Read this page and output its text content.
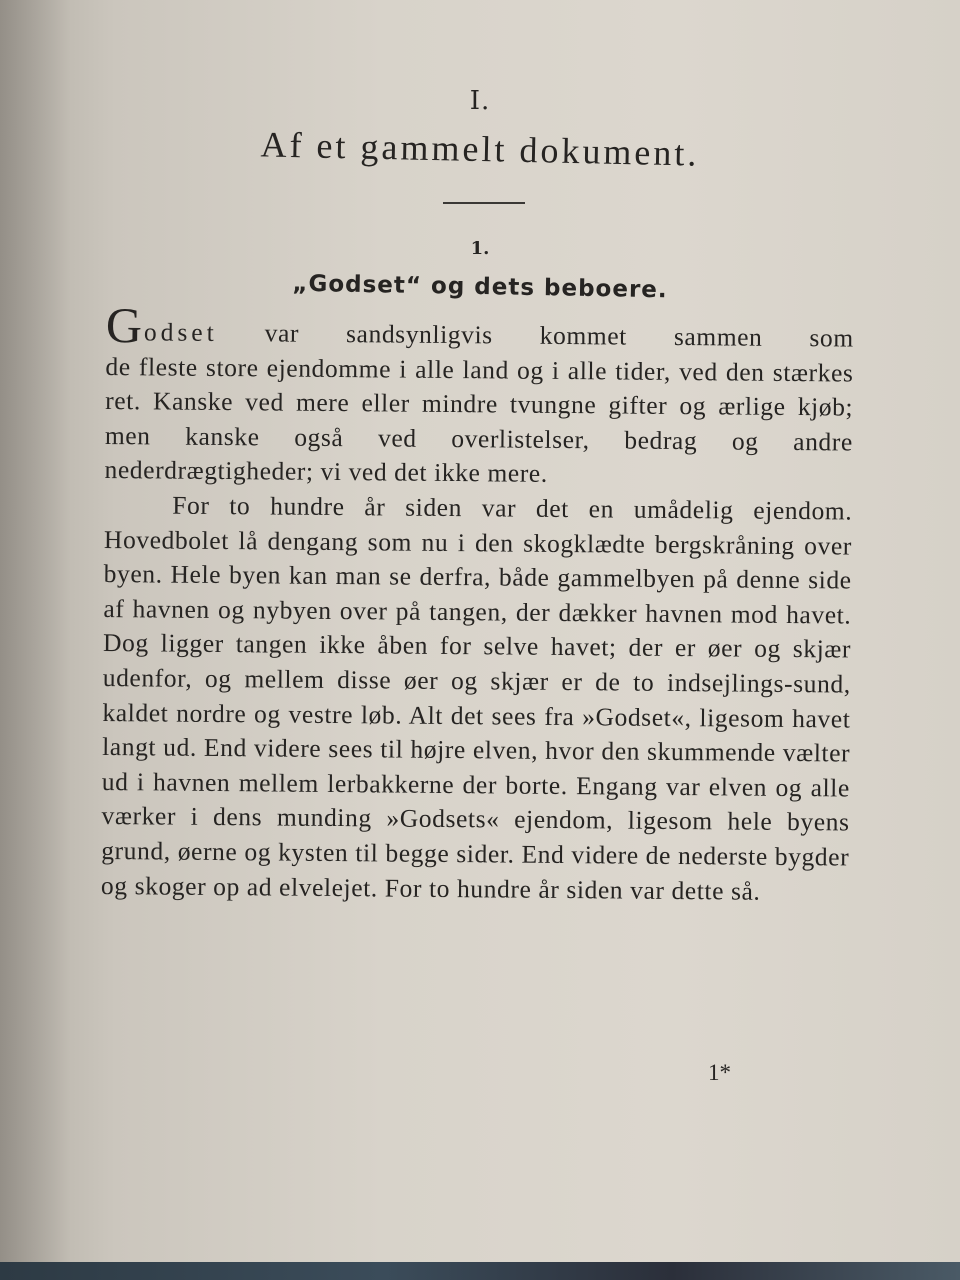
I.
Af et gammelt dokument.
1.
„Godset“ og dets beboere.

Godset var sandsynligvis kommet sammen som
de fleste store ejendomme i alle land og i alle tider, ved den stærkes ret. Kanske ved mere eller mindre tvungne gifter og ærlige kjøb; men kanske også ved overlistelser, bedrag og andre nederdrægtigheder; vi ved det ikke mere.

For to hundre år siden var det en umådelig ejendom. Hovedbolet lå dengang som nu i den skogklædte bergskråning over byen. Hele byen kan man se derfra, både gammelbyen på denne side af havnen og nybyen over på tangen, der dækker havnen mod havet. Dog ligger tangen ikke åben for selve havet; der er øer og skjær udenfor, og mellem disse øer og skjær er de to indsejlings-sund, kaldet nordre og vestre løb. Alt det sees fra »Godset«, ligesom havet langt ud. End videre sees til højre elven, hvor den skummende vælter ud i havnen mellem lerbakkerne der borte. Engang var elven og alle værker i dens munding »Godsets« ejendom, ligesom hele byens grund, øerne og kysten til begge sider. End videre de nederste bygder og skoger op ad elvelejet. For to hundre år siden var dette så.

1*
